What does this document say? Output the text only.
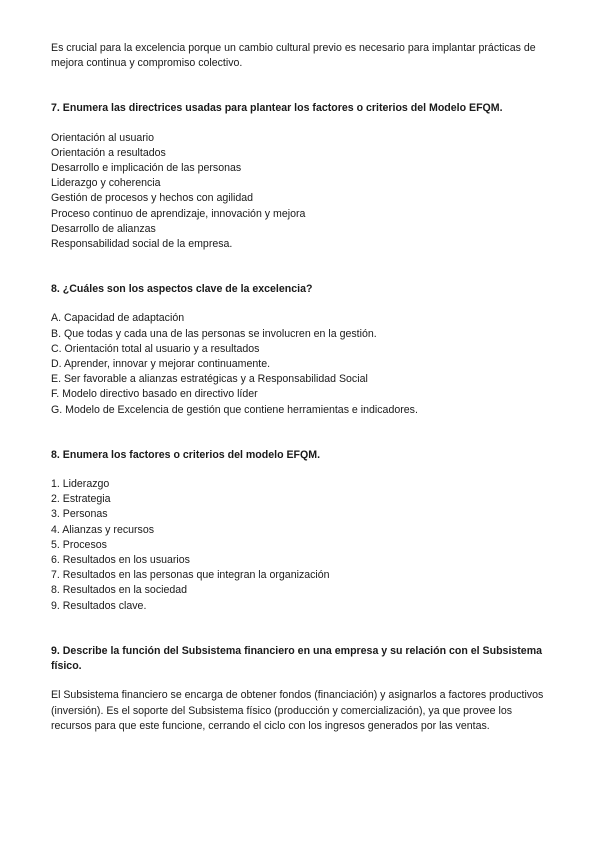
Es crucial para la excelencia porque un cambio cultural previo es necesario para implantar prácticas de mejora continua y compromiso colectivo.

7. Enumera las directrices usadas para plantear los factores o criterios del Modelo EFQM.

Orientación al usuario
Orientación a resultados
Desarrollo e implicación de las personas
Liderazgo y coherencia
Gestión de procesos y hechos con agilidad
Proceso continuo de aprendizaje, innovación y mejora
Desarrollo de alianzas
Responsabilidad social de la empresa.

8. ¿Cuáles son los aspectos clave de la excelencia?

A. Capacidad de adaptación
B. Que todas y cada una de las personas se involucren en la gestión.
C. Orientación total al usuario y a resultados
D. Aprender, innovar y mejorar continuamente.
E. Ser favorable a alianzas estratégicas y a Responsabilidad Social
F. Modelo directivo basado en directivo líder
G. Modelo de Excelencia de gestión que contiene herramientas e indicadores.

8. Enumera los factores o criterios del modelo EFQM.

1. Liderazgo
2. Estrategia
3. Personas
4. Alianzas y recursos
5. Procesos
6. Resultados en los usuarios
7. Resultados en las personas que integran la organización
8. Resultados en la sociedad
9. Resultados clave.

9. Describe la función del Subsistema financiero en una empresa y su relación con el Subsistema físico.

El Subsistema financiero se encarga de obtener fondos (financiación) y asignarlos a factores productivos (inversión). Es el soporte del Subsistema físico (producción y comercialización), ya que provee los recursos para que este funcione, cerrando el ciclo con los ingresos generados por las ventas.
